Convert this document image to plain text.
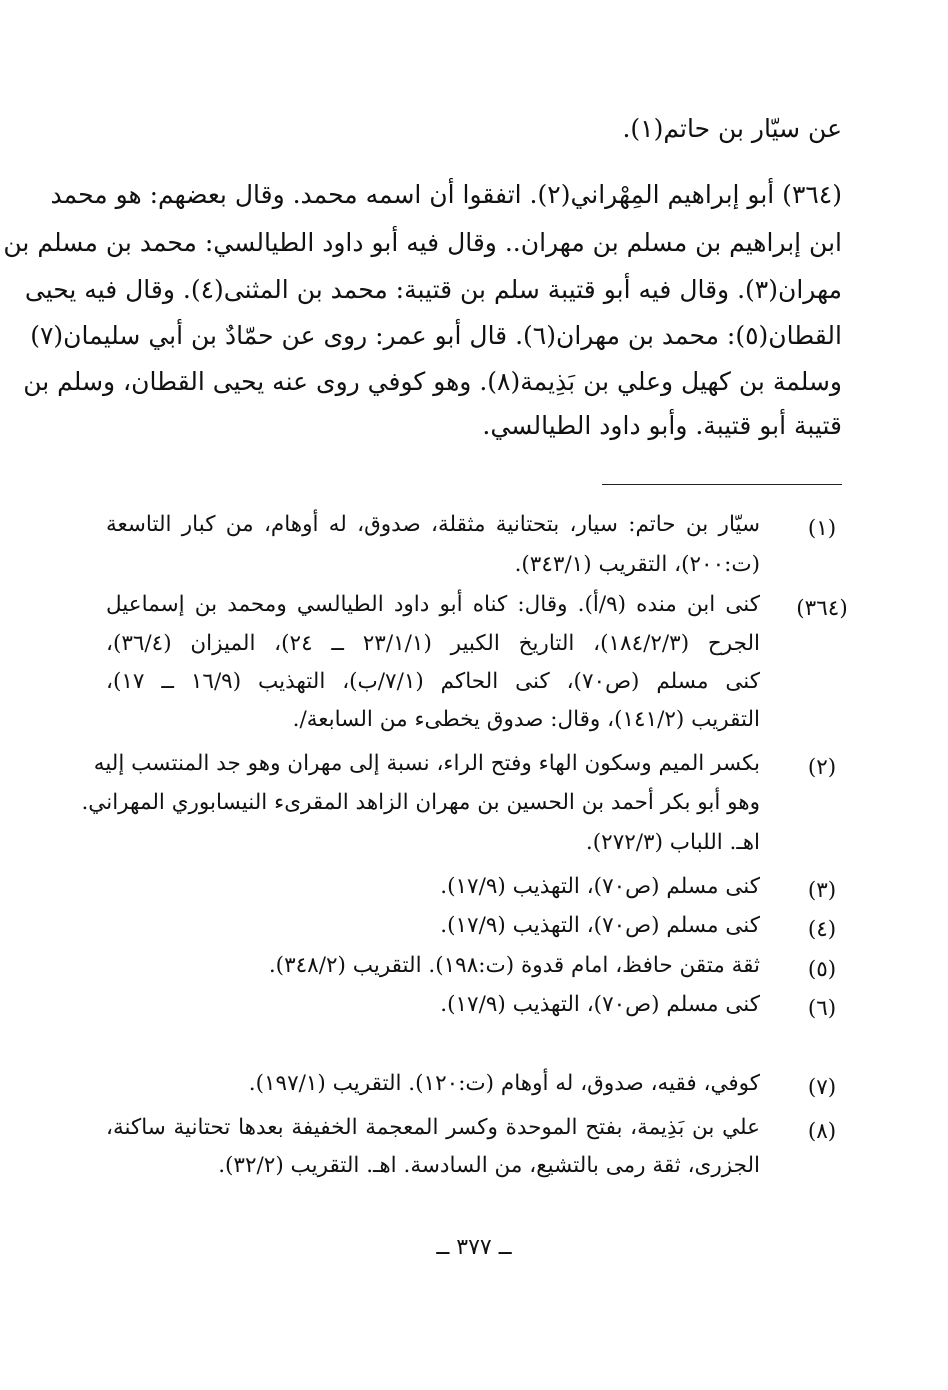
عن سيّار بن حاتم(١).
(٣٦٤) أبو إبراهيم المِهْراني(٢). اتفقوا أن اسمه محمد. وقال بعضهم: هو محمد
ابن إبراهيم بن مسلم بن مهران.. وقال فيه أبو داود الطيالسي: محمد بن مسلم بن
مهران(٣). وقال فيه أبو قتيبة سلم بن قتيبة: محمد بن المثنى(٤). وقال فيه يحيى
القطان(٥): محمد بن مهران(٦). قال أبو عمر: روى عن حمّادٌ بن أبي سليمان(٧)
وسلمة بن كهيل وعلي بن بَذِيمة(٨). وهو كوفي روى عنه يحيى القطان، وسلم بن
قتيبة أبو قتيبة. وأبو داود الطيالسي.
(١)
سيّار بن حاتم: سيار، بتحتانية مثقلة، صدوق، له أوهام، من كبار التاسعة
(ت:٢٠٠)، التقريب (٣٤٣/١).
(٣٦٤)
كنى ابن منده (٩/أ). وقال: كناه أبو داود الطيالسي ومحمد بن إسماعيل
الجرح (١٨٤/٢/٣)، التاريخ الكبير (٢٣/١/١ ــ ٢٤)، الميزان (٣٦/٤)،
كنى مسلم (ص٧٠)، كنى الحاكم (٧/١/ب)، التهذيب (١٦/٩ ــ ١٧)،
التقريب (١٤١/٢)، وقال: صدوق يخطىء من السابعة/.
(٢)
بكسر الميم وسكون الهاء وفتح الراء، نسبة إلى مهران وهو جد المنتسب إليه
وهو أبو بكر أحمد بن الحسين بن مهران الزاهد المقرىء النيسابوري المهراني.
اهـ. اللباب (٢٧٢/٣).
(٣)
كنى مسلم (ص٧٠)، التهذيب (١٧/٩).
(٤)
كنى مسلم (ص٧٠)، التهذيب (١٧/٩).
(٥)
ثقة متقن حافظ، امام قدوة (ت:١٩٨). التقريب (٣٤٨/٢).
(٦)
كنى مسلم (ص٧٠)، التهذيب (١٧/٩).
(٧)
كوفي، فقيه، صدوق، له أوهام (ت:١٢٠). التقريب (١٩٧/١).
(٨)
علي بن بَذِيمة، بفتح الموحدة وكسر المعجمة الخفيفة بعدها تحتانية ساكنة،
الجزرى، ثقة رمى بالتشيع، من السادسة. اهـ. التقريب (٣٢/٢).
ــ ٣٧٧ ــ
